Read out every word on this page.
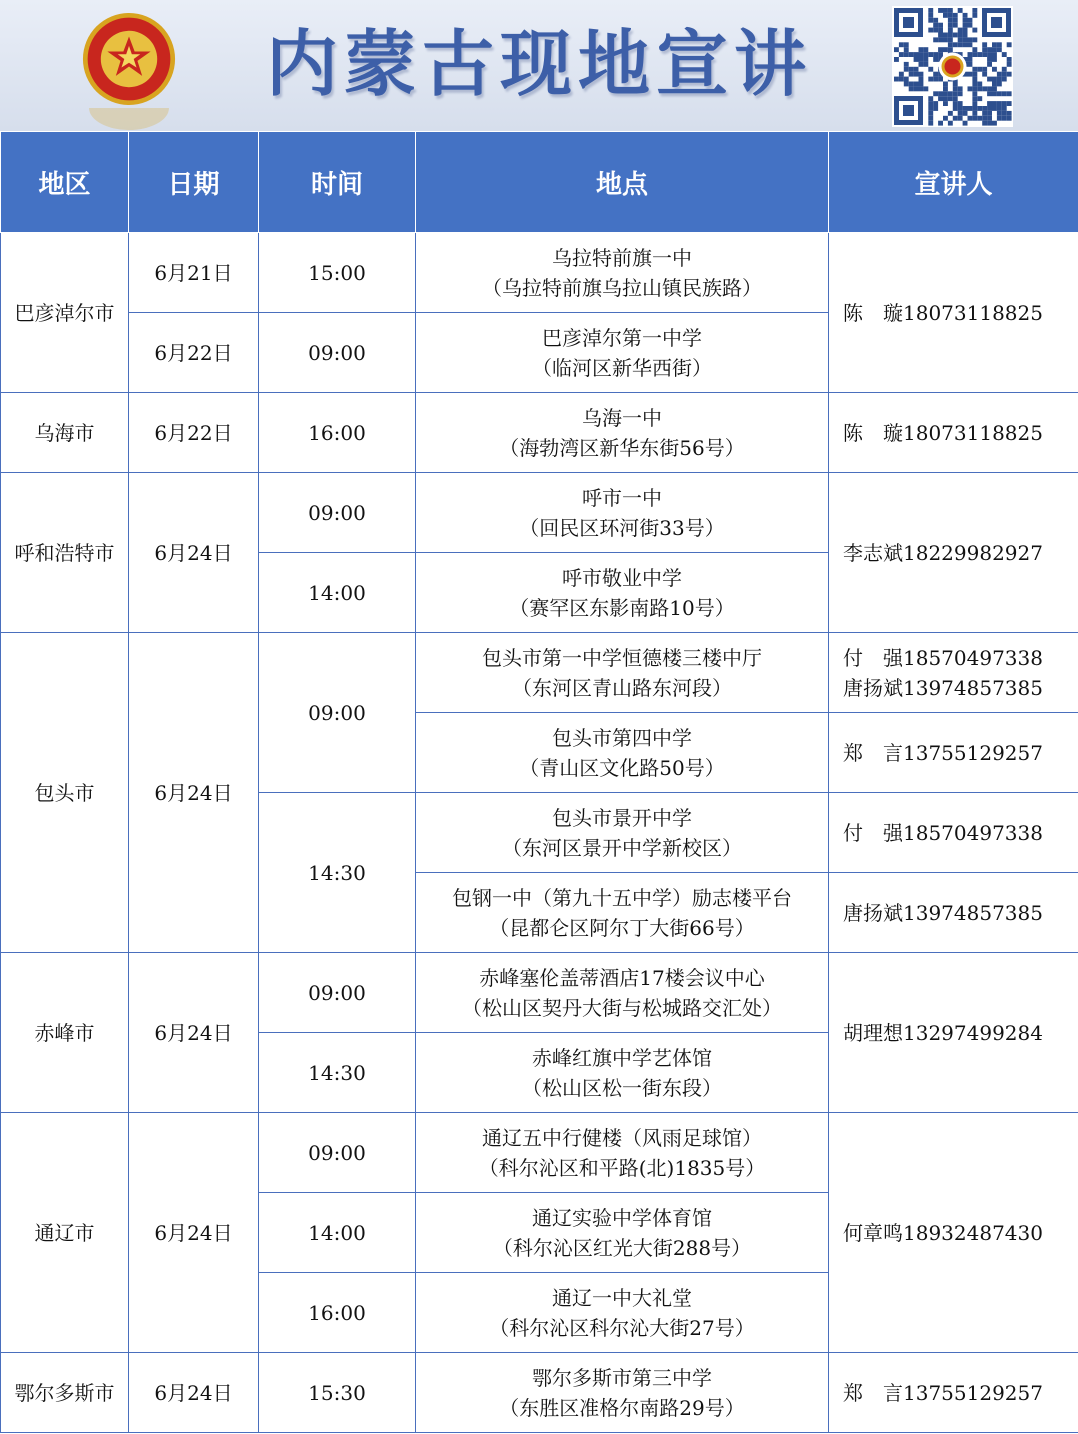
内蒙古现地宣讲
地区	日期	时间	地点	宣讲人
巴彦淖尔市	6月21日	15:00	乌拉特前旗一中
（乌拉特前旗乌拉山镇民族路）	陈　璇18073118825

	6月22日	09:00	巴彦淖尔第一中学
（临河区新华西街）	

乌海市	6月22日	16:00	乌海一中
（海勃湾区新华东街56号）	陈　璇18073118825

呼和浩特市	6月24日	09:00	呼市一中
（回民区环河街33号）	李志斌18229982927

		14:00	呼市敬业中学
（赛罕区东影南路10号）	

包头市	6月24日	09:00	包头市第一中学恒德楼三楼中厅
（东河区青山路东河段）	付　强18570497338
唐扬斌13974857385

			包头市第四中学
（青山区文化路50号）	郑　言13755129257

		14:30	包头市景开中学
（东河区景开中学新校区）	付　强18570497338

			包钢一中（第九十五中学）励志楼平台
（昆都仑区阿尔丁大街66号）	唐扬斌13974857385

赤峰市	6月24日	09:00	赤峰塞伦盖蒂酒店17楼会议中心
（松山区契丹大街与松城路交汇处）	胡理想13297499284

		14:30	赤峰红旗中学艺体馆
（松山区松一街东段）	

通辽市	6月24日	09:00	通辽五中行健楼（风雨足球馆）
（科尔沁区和平路(北)1835号）	何章鸣18932487430

		14:00	通辽实验中学体育馆
（科尔沁区红光大街288号）	

		16:00	通辽一中大礼堂
（科尔沁区科尔沁大街27号）	

鄂尔多斯市	6月24日	15:30	鄂尔多斯市第三中学
（东胜区准格尔南路29号）	郑　言13755129257
